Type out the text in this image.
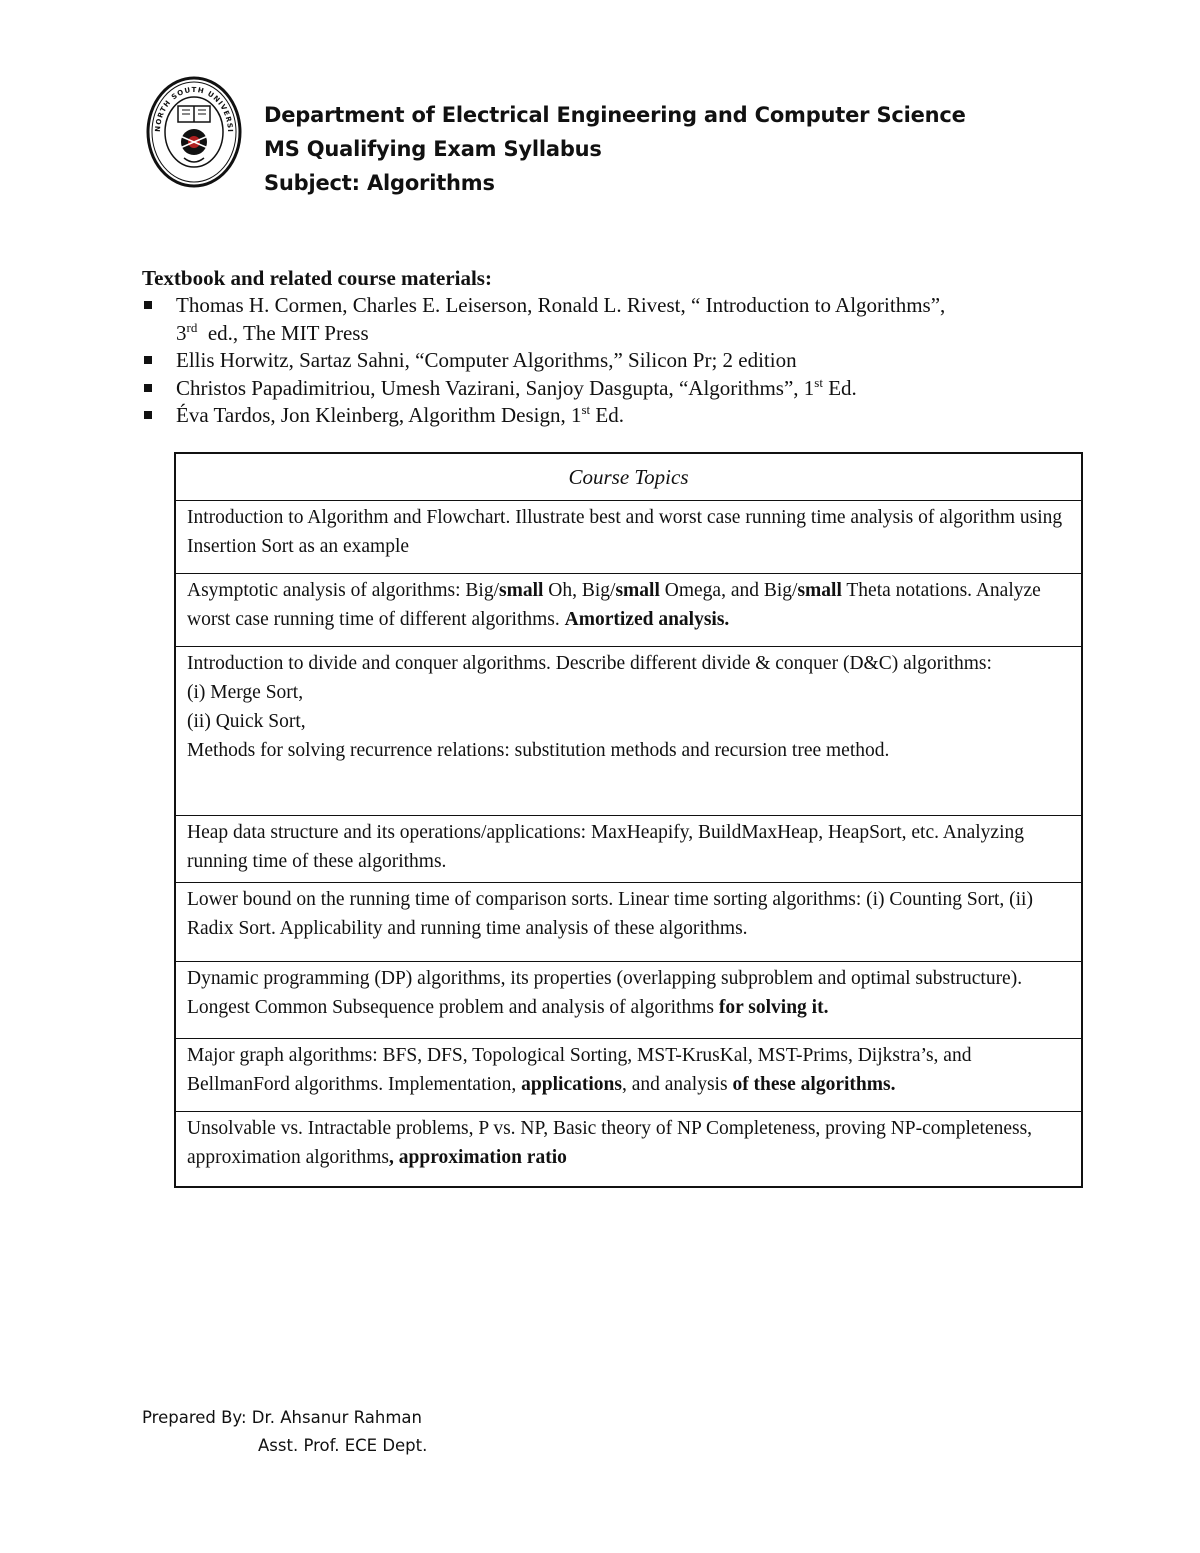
NORTH SOUTH UNIVERSI
Department of Electrical Engineering and Computer Science
MS Qualifying Exam Syllabus
Subject: Algorithms
Textbook and related course materials:
Thomas H. Cormen, Charles E. Leiserson, Ronald L. Rivest, “ Introduction to Algorithms”,
3rd  ed., The MIT Press
Ellis Horwitz, Sartaz Sahni, “Computer Algorithms,” Silicon Pr; 2 edition
Christos Papadimitriou, Umesh Vazirani, Sanjoy Dasgupta, “Algorithms”, 1st Ed.
Éva Tardos, Jon Kleinberg, Algorithm Design, 1st Ed.
Course Topics
Introduction to Algorithm and Flowchart. Illustrate best and worst case running time analysis of algorithm using Insertion Sort as an example
Asymptotic analysis of algorithms: Big/small Oh, Big/small Omega, and Big/small Theta notations. Analyze worst case running time of different algorithms. Amortized analysis.

Introduction to divide and conquer algorithms. Describe different divide & conquer (D&C) algorithms:
(i) Merge Sort,
(ii) Quick Sort,
Methods for solving recurrence relations: substitution methods and recursion tree method.

Heap data structure and its operations/applications: MaxHeapify, BuildMaxHeap, HeapSort, etc. Analyzing running time of these algorithms.
Lower bound on the running time of comparison sorts. Linear time sorting algorithms: (i) Counting Sort, (ii) Radix Sort. Applicability and running time analysis of these algorithms.
Dynamic programming (DP) algorithms, its properties (overlapping subproblem and optimal substructure). Longest Common Subsequence problem and analysis of algorithms for solving it.
Major graph algorithms: BFS, DFS, Topological Sorting, MST-KrusKal, MST-Prims, Dijkstra’s, and BellmanFord algorithms. Implementation, applications, and analysis of these algorithms.
Unsolvable vs. Intractable problems, P vs. NP, Basic theory of NP Completeness, proving NP-completeness, approximation algorithms, approximation ratio
Prepared By: Dr. Ahsanur Rahman
Asst. Prof. ECE Dept.
